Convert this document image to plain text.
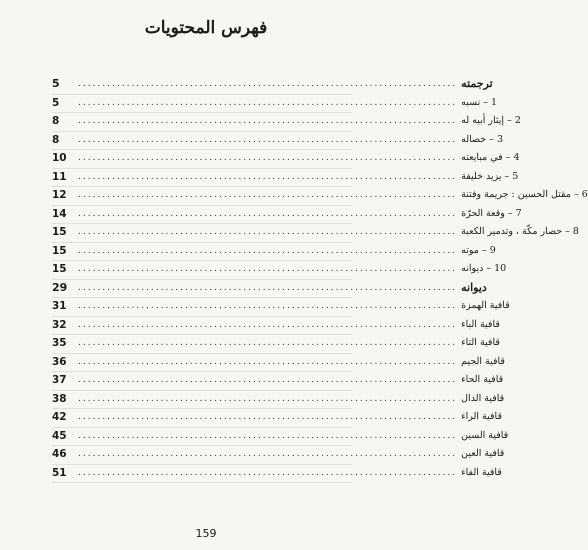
فهرس المحتويات
5	.............................................................................. ترجمته
5	.............................................................................. 1 – نسبه
8	.............................................................................. 2 – إيثار أبيه له
8	.............................................................................. 3 – خصاله
10	.............................................................................. 4 – في مبايعته
11	.............................................................................. 5 – يزيد خليفة
12	.............................................................................. 6 – مقتل الحسين : جريمة وفتنة
14	.............................................................................. 7 – وقعة الحرّة
15	.............................................................................. 8 – حصار مكّة ، وتدمير الكعبة
15	.............................................................................. 9 – موته
15	.............................................................................. 10 – ديوانه
29	.............................................................................. ديوانه
31	.............................................................................. قافية الهمزة
32	.............................................................................. قافية الباء
35	.............................................................................. قافية التاء
36	.............................................................................. قافية الجيم
37	.............................................................................. قافية الحاء
38	.............................................................................. قافية الدال
42	.............................................................................. قافية الراء
45	.............................................................................. قافية السين
46	.............................................................................. قافية العين
51	.............................................................................. قافية الفاء
159
